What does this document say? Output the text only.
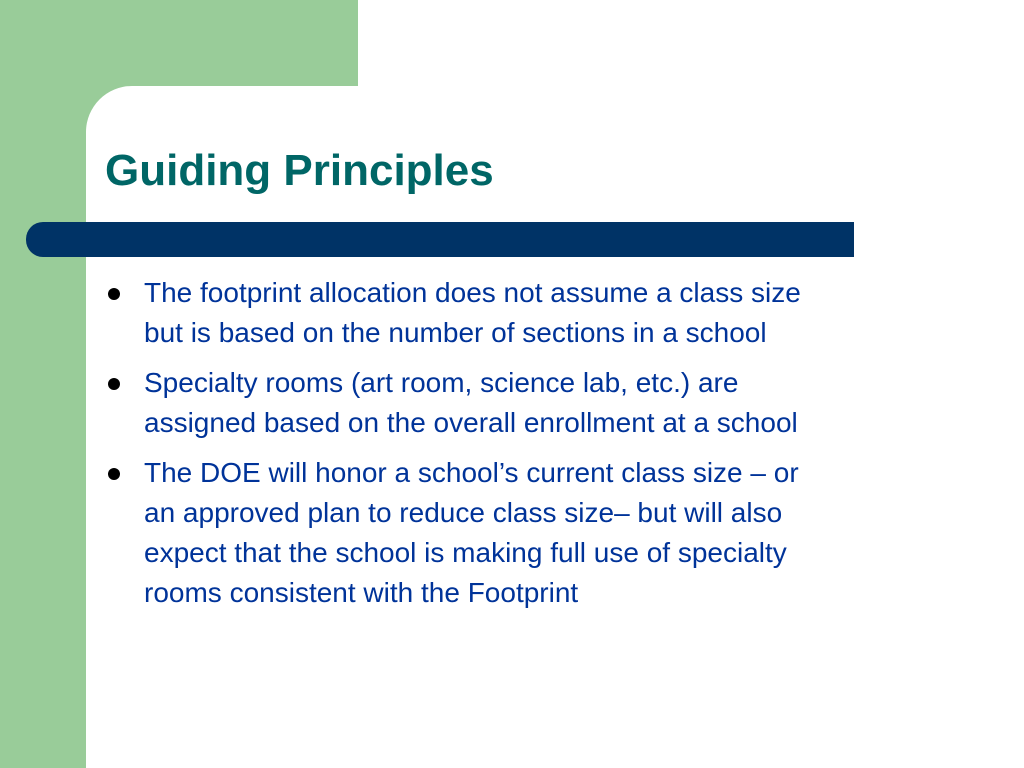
Guiding Principles
The footprint allocation does not assume a class size
but is based on the number of sections in a school
Specialty rooms (art room, science lab, etc.) are
assigned based on the overall enrollment at a school
The DOE will honor a school’s current class size – or
an approved plan to reduce class size– but will also
expect that the school is making full use of specialty
rooms consistent with the Footprint
